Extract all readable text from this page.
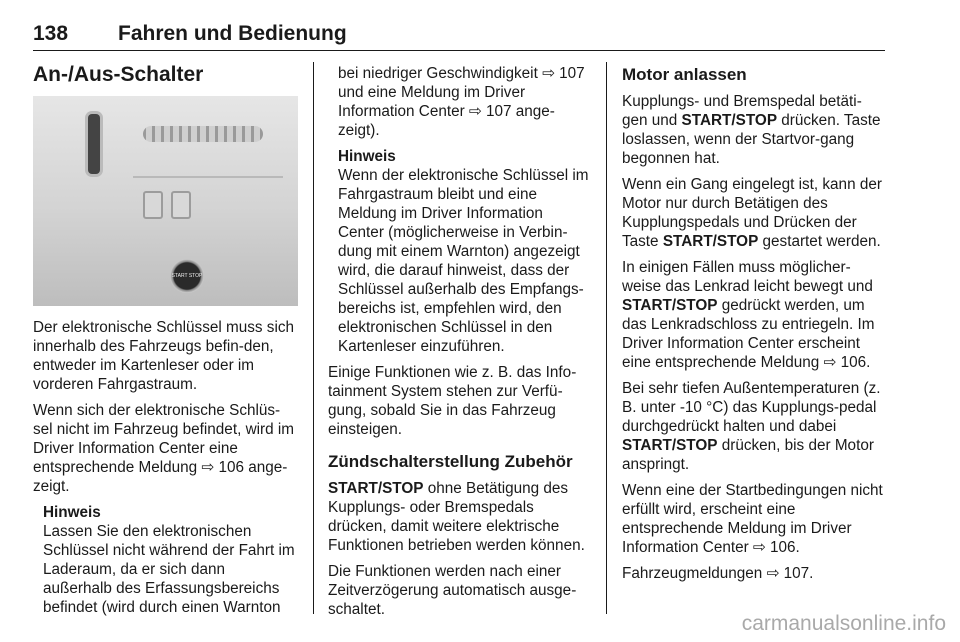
138 Fahren und Bedienung
An-/Aus-Schalter
START STOP

Der elektronische Schlüssel muss sich innerhalb des Fahrzeugs befin-den, entweder im Kartenleser oder im vorderen Fahrgastraum.

Wenn sich der elektronische Schlüs-sel nicht im Fahrzeug befindet, wird im Driver Information Center eine entsprechende Meldung ⇨ 106 ange-zeigt.

Hinweis
Lassen Sie den elektronischen Schlüssel nicht während der Fahrt im Laderaum, da er sich dann außerhalb des Erfassungsbereichs befindet (wird durch einen Warnton
bei niedriger Geschwindigkeit ⇨ 107 und eine Meldung im Driver Information Center ⇨ 107 ange-zeigt).
Hinweis
Wenn der elektronische Schlüssel im Fahrgastraum bleibt und eine Meldung im Driver Information Center (möglicherweise in Verbin-dung mit einem Warnton) angezeigt wird, die darauf hinweist, dass der Schlüssel außerhalb des Empfangs-bereichs ist, empfehlen wird, den elektronischen Schlüssel in den Kartenleser einzuführen.

Einige Funktionen wie z. B. das Info-tainment System stehen zur Verfü-gung, sobald Sie in das Fahrzeug einsteigen.

Zündschalterstellung Zubehör

START/STOP ohne Betätigung des Kupplungs- oder Bremspedals drücken, damit weitere elektrische Funktionen betrieben werden können.

Die Funktionen werden nach einer Zeitverzögerung automatisch ausge-schaltet.

Motor anlassen

Kupplungs- und Bremspedal betäti-gen und START/STOP drücken. Taste loslassen, wenn der Startvor-gang begonnen hat.

Wenn ein Gang eingelegt ist, kann der Motor nur durch Betätigen des Kupplungspedals und Drücken der Taste START/STOP gestartet werden.

In einigen Fällen muss möglicher-weise das Lenkrad leicht bewegt und START/STOP gedrückt werden, um das Lenkradschloss zu entriegeln. Im Driver Information Center erscheint eine entsprechende Meldung ⇨ 106.

Bei sehr tiefen Außentemperaturen (z. B. unter -10 °C) das Kupplungs-pedal durchgedrückt halten und dabei START/STOP drücken, bis der Motor anspringt.

Wenn eine der Startbedingungen nicht erfüllt wird, erscheint eine entsprechende Meldung im Driver Information Center ⇨ 106.

Fahrzeugmeldungen ⇨ 107.

carmanualsonline.info
